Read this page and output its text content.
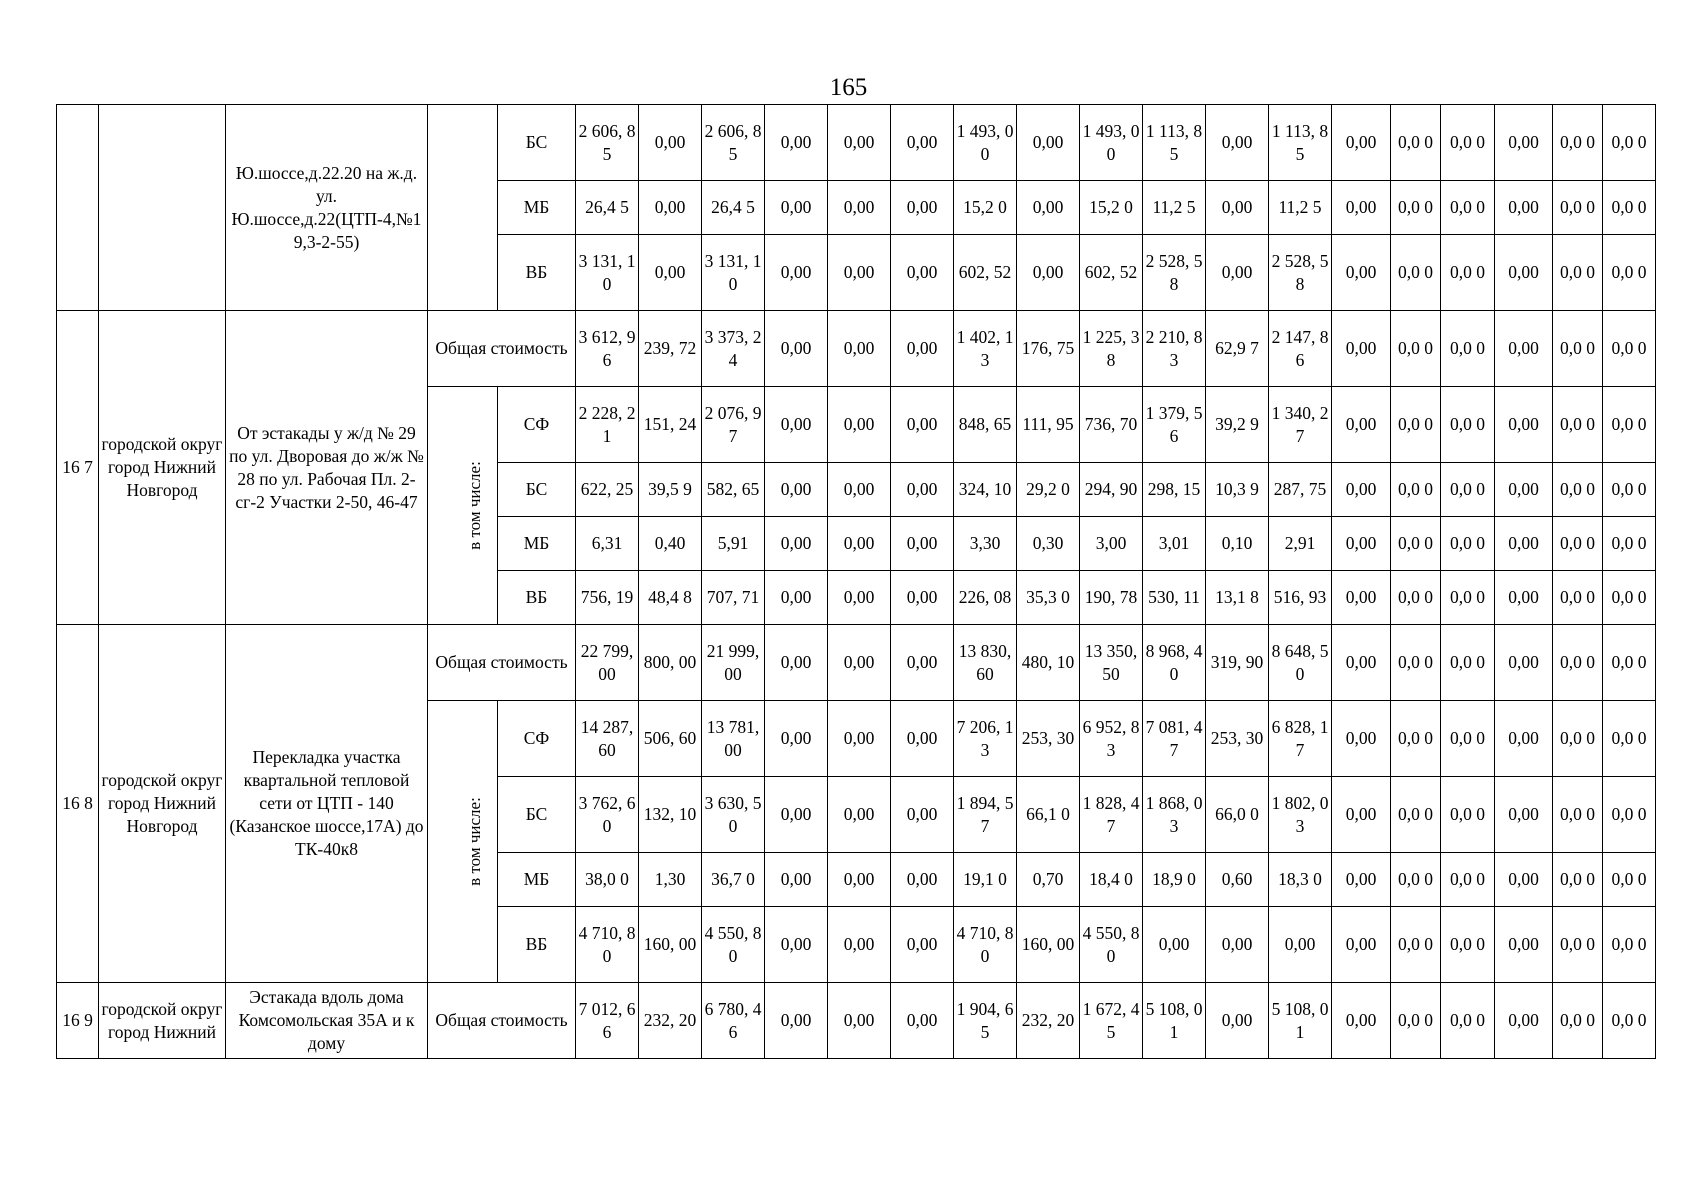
165
		Ю.шоссе,д.22.20 на ж.д. ул. Ю.шоссе,д.22(ЦТП-4,№19,3-2-55)		БС	2 606, 85	0,00	2 606, 85	0,00	0,00	0,00	1 493, 00	0,00	1 493, 00	1 113, 85	0,00	1 113, 85	0,00	0,0 0	0,0 0	0,00	0,0 0	0,0 0
				МБ	26,4 5	0,00	26,4 5	0,00	0,00	0,00	15,2 0	0,00	15,2 0	11,2 5	0,00	11,2 5	0,00	0,0 0	0,0 0	0,00	0,0 0	0,0 0
				ВБ	3 131, 10	0,00	3 131, 10	0,00	0,00	0,00	602, 52	0,00	602, 52	2 528, 58	0,00	2 528, 58	0,00	0,0 0	0,0 0	0,00	0,0 0	0,0 0
16 7	городской округ город Нижний Новгород	От эстакады у ж/д № 29 по ул. Дворовая до ж/ж № 28 по ул. Рабочая Пл. 2-сг-2 Участки 2-50, 46-47	Общая стоимость		3 612, 96	239, 72	3 373, 24	0,00	0,00	0,00	1 402, 13	176, 75	1 225, 38	2 210, 83	62,9 7	2 147, 86	0,00	0,0 0	0,0 0	0,00	0,0 0	0,0 0
			в том числе:	СФ	2 228, 21	151, 24	2 076, 97	0,00	0,00	0,00	848, 65	111, 95	736, 70	1 379, 56	39,2 9	1 340, 27	0,00	0,0 0	0,0 0	0,00	0,0 0	0,0 0
				БС	622, 25	39,5 9	582, 65	0,00	0,00	0,00	324, 10	29,2 0	294, 90	298, 15	10,3 9	287, 75	0,00	0,0 0	0,0 0	0,00	0,0 0	0,0 0
				МБ	6,31	0,40	5,91	0,00	0,00	0,00	3,30	0,30	3,00	3,01	0,10	2,91	0,00	0,0 0	0,0 0	0,00	0,0 0	0,0 0
				ВБ	756, 19	48,4 8	707, 71	0,00	0,00	0,00	226, 08	35,3 0	190, 78	530, 11	13,1 8	516, 93	0,00	0,0 0	0,0 0	0,00	0,0 0	0,0 0
16 8	городской округ город Нижний Новгород	Перекладка участка квартальной тепловой сети от ЦТП - 140 (Казанское шоссе,17А) до ТК-40к8	Общая стоимость		22 799, 00	800, 00	21 999, 00	0,00	0,00	0,00	13 830, 60	480, 10	13 350, 50	8 968, 40	319, 90	8 648, 50	0,00	0,0 0	0,0 0	0,00	0,0 0	0,0 0
			в том числе:	СФ	14 287, 60	506, 60	13 781, 00	0,00	0,00	0,00	7 206, 13	253, 30	6 952, 83	7 081, 47	253, 30	6 828, 17	0,00	0,0 0	0,0 0	0,00	0,0 0	0,0 0
				БС	3 762, 60	132, 10	3 630, 50	0,00	0,00	0,00	1 894, 57	66,1 0	1 828, 47	1 868, 03	66,0 0	1 802, 03	0,00	0,0 0	0,0 0	0,00	0,0 0	0,0 0
				МБ	38,0 0	1,30	36,7 0	0,00	0,00	0,00	19,1 0	0,70	18,4 0	18,9 0	0,60	18,3 0	0,00	0,0 0	0,0 0	0,00	0,0 0	0,0 0
				ВБ	4 710, 80	160, 00	4 550, 80	0,00	0,00	0,00	4 710, 80	160, 00	4 550, 80	0,00	0,00	0,00	0,00	0,0 0	0,0 0	0,00	0,0 0	0,0 0
16 9	городской округ город Нижний	Эстакада вдоль дома Комсомольская 35А и к дому	Общая стоимость		7 012, 66	232, 20	6 780, 46	0,00	0,00	0,00	1 904, 65	232, 20	1 672, 45	5 108, 01	0,00	5 108, 01	0,00	0,0 0	0,0 0	0,00	0,0 0	0,0 0
